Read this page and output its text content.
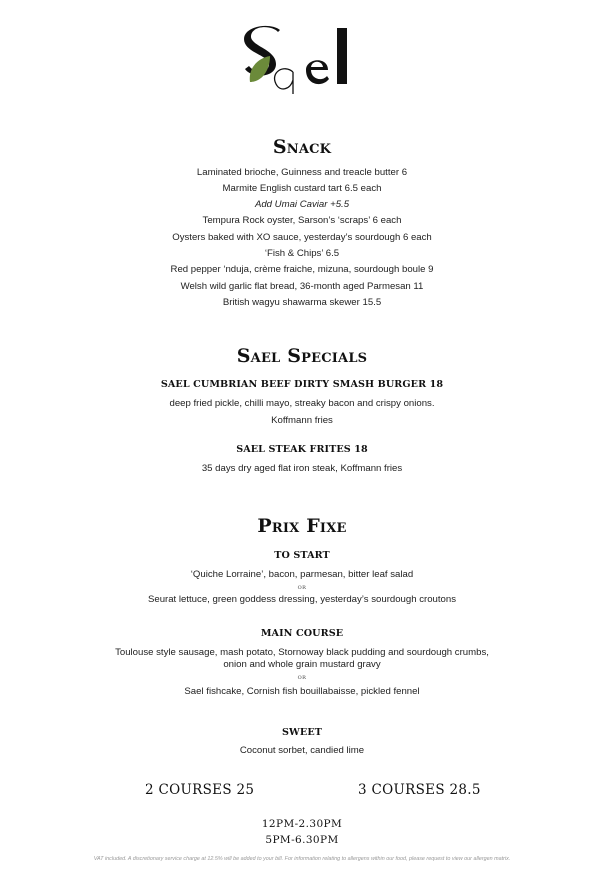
Snack
Laminated brioche, Guinness and treacle butter 6
Marmite English custard tart 6.5 each
Add Umai Caviar +5.5
Tempura Rock oyster, Sarson’s ‘scraps’ 6 each
Oysters baked with XO sauce, yesterday’s sourdough 6 each
‘Fish & Chips’ 6.5
Red pepper ‘nduja, crème fraiche, mizuna, sourdough boule 9
Welsh wild garlic flat bread, 36-month aged Parmesan 11
British wagyu shawarma skewer 15.5
Sael Specials
SAEL CUMBRIAN BEEF DIRTY SMASH BURGER 18
deep fried pickle, chilli mayo, streaky bacon and crispy onions.
Koffmann fries
SAEL STEAK FRITES 18
35 days dry aged flat iron steak, Koffmann fries
Prix Fixe
TO START
‘Quiche Lorraine’, bacon, parmesan, bitter leaf salad
OR
Seurat lettuce, green goddess dressing, yesterday’s sourdough croutons
MAIN COURSE
Toulouse style sausage, mash potato, Stornoway black pudding and sourdough crumbs,
onion and whole grain mustard gravy
OR
Sael fishcake, Cornish fish bouillabaisse, pickled fennel
SWEET
Coconut sorbet, candied lime
2 COURSES 25	3 COURSES 28.5
12PM-2.30PM
5PM-6.30PM
VAT included. A discretionary service charge at 12.5% will be added to your bill. For information relating to allergens within our food, please request to view our allergen matrix.
